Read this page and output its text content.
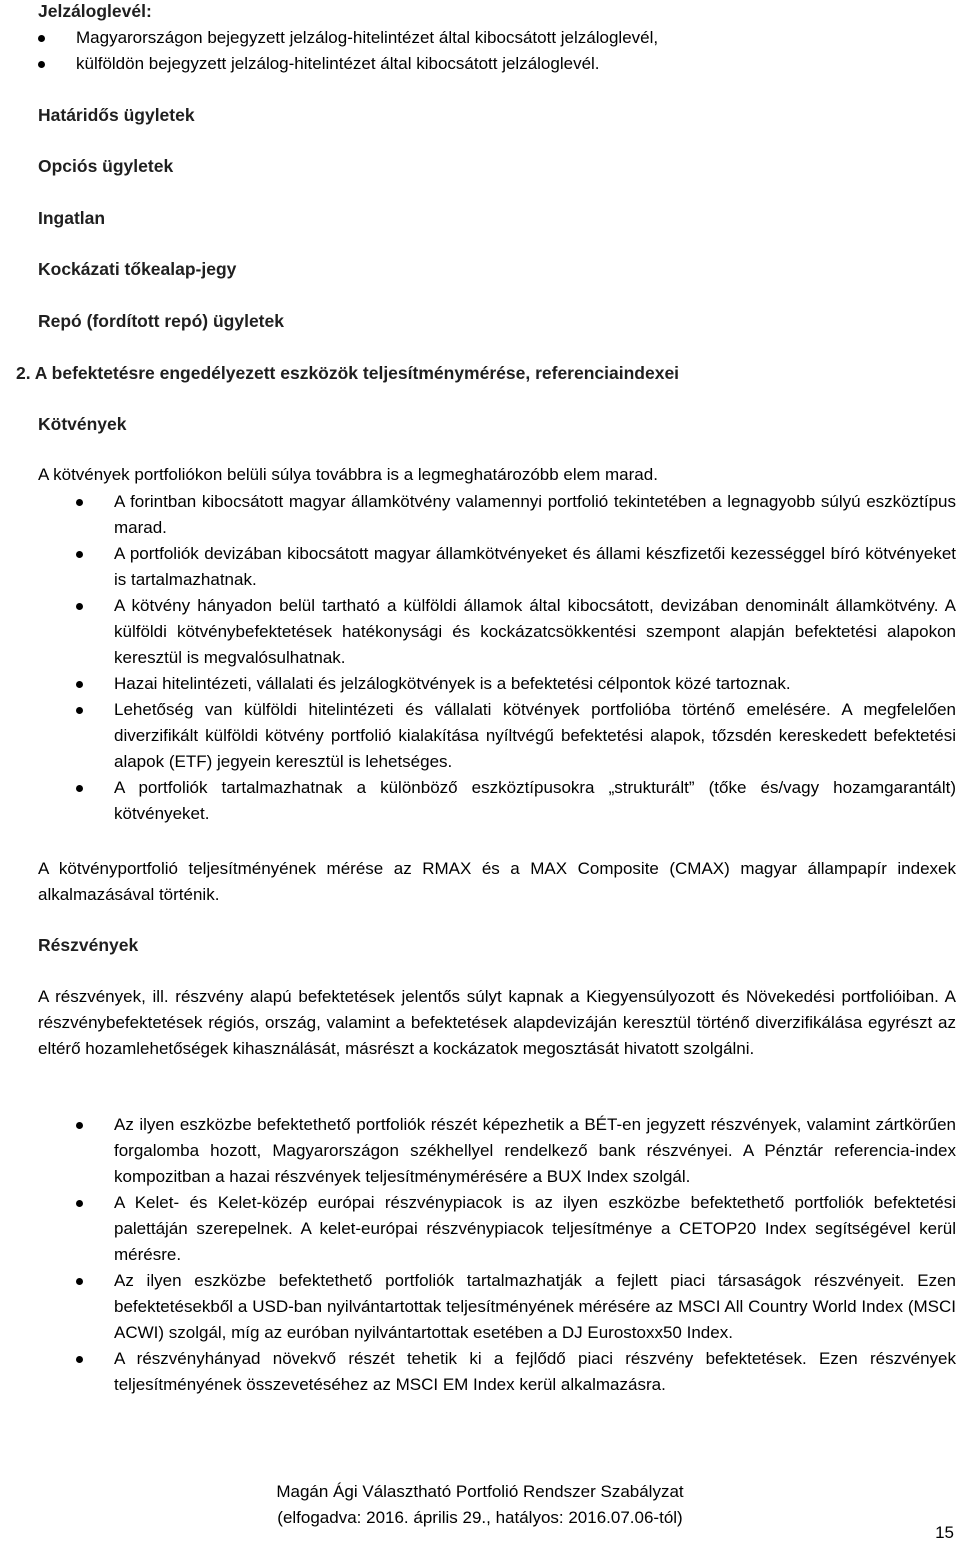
Jelzáloglevél:
Magyarországon bejegyzett jelzálog-hitelintézet által kibocsátott jelzáloglevél,
külföldön bejegyzett jelzálog-hitelintézet által kibocsátott jelzáloglevél.
Határidős ügyletek
Opciós ügyletek
Ingatlan
Kockázati tőkealap-jegy
Repó (fordított repó) ügyletek
2. A befektetésre engedélyezett eszközök teljesítménymérése, referenciaindexei
Kötvények
A kötvények portfoliókon belüli súlya továbbra is a legmeghatározóbb elem marad.
A forintban kibocsátott magyar államkötvény valamennyi portfolió tekintetében a legnagyobb súlyú eszköztípus marad.
A portfoliók devizában kibocsátott magyar államkötvényeket és állami készfizetői kezességgel bíró kötvényeket is tartalmazhatnak.
A kötvény hányadon belül tartható a külföldi államok által kibocsátott, devizában denominált államkötvény. A külföldi kötvénybefektetések hatékonysági és kockázatcsökkentési szempont alapján befektetési alapokon keresztül is megvalósulhatnak.
Hazai hitelintézeti, vállalati és jelzálogkötvények is a befektetési célpontok közé tartoznak.
Lehetőség van külföldi hitelintézeti és vállalati kötvények portfolióba történő emelésére. A megfelelően diverzifikált külföldi kötvény portfolió kialakítása nyíltvégű befektetési alapok, tőzsdén kereskedett befektetési alapok (ETF) jegyein keresztül is lehetséges.
A portfoliók tartalmazhatnak a különböző eszköztípusokra „strukturált” (tőke és/vagy hozamgarantált) kötvényeket.
A kötvényportfolió teljesítményének mérése az RMAX és a MAX Composite (CMAX) magyar állampapír indexek alkalmazásával történik.
Részvények
A részvények, ill. részvény alapú befektetések jelentős súlyt kapnak a Kiegyensúlyozott és Növekedési portfolióiban. A részvénybefektetések régiós, ország, valamint a befektetések alapdevizáján keresztül történő diverzifikálása egyrészt az eltérő hozamlehetőségek kihasználását, másrészt a kockázatok megosztását hivatott szolgálni.
Az ilyen eszközbe befektethető portfoliók részét képezhetik a BÉT-en jegyzett részvények, valamint zártkörűen forgalomba hozott, Magyarországon székhellyel rendelkező bank részvényei. A Pénztár referencia-index kompozitban a hazai részvények teljesítménymérésére a BUX Index szolgál.
A Kelet- és Kelet-közép európai részvénypiacok is az ilyen eszközbe befektethető portfoliók befektetési palettáján szerepelnek. A kelet-európai részvénypiacok teljesítménye a CETOP20 Index segítségével kerül mérésre.
Az ilyen eszközbe befektethető portfoliók tartalmazhatják a fejlett piaci társaságok részvényeit. Ezen befektetésekből a USD-ban nyilvántartottak teljesítményének mérésére az MSCI All Country World Index (MSCI ACWI) szolgál, míg az euróban nyilvántartottak esetében a DJ Eurostoxx50 Index.
A részvényhányad növekvő részét tehetik ki a fejlődő piaci részvény befektetések. Ezen részvények teljesítményének összevetéséhez az MSCI EM Index kerül alkalmazásra.
Magán Ági Választható Portfolió Rendszer Szabályzat
(elfogadva: 2016. április 29., hatályos: 2016.07.06-tól)
15
